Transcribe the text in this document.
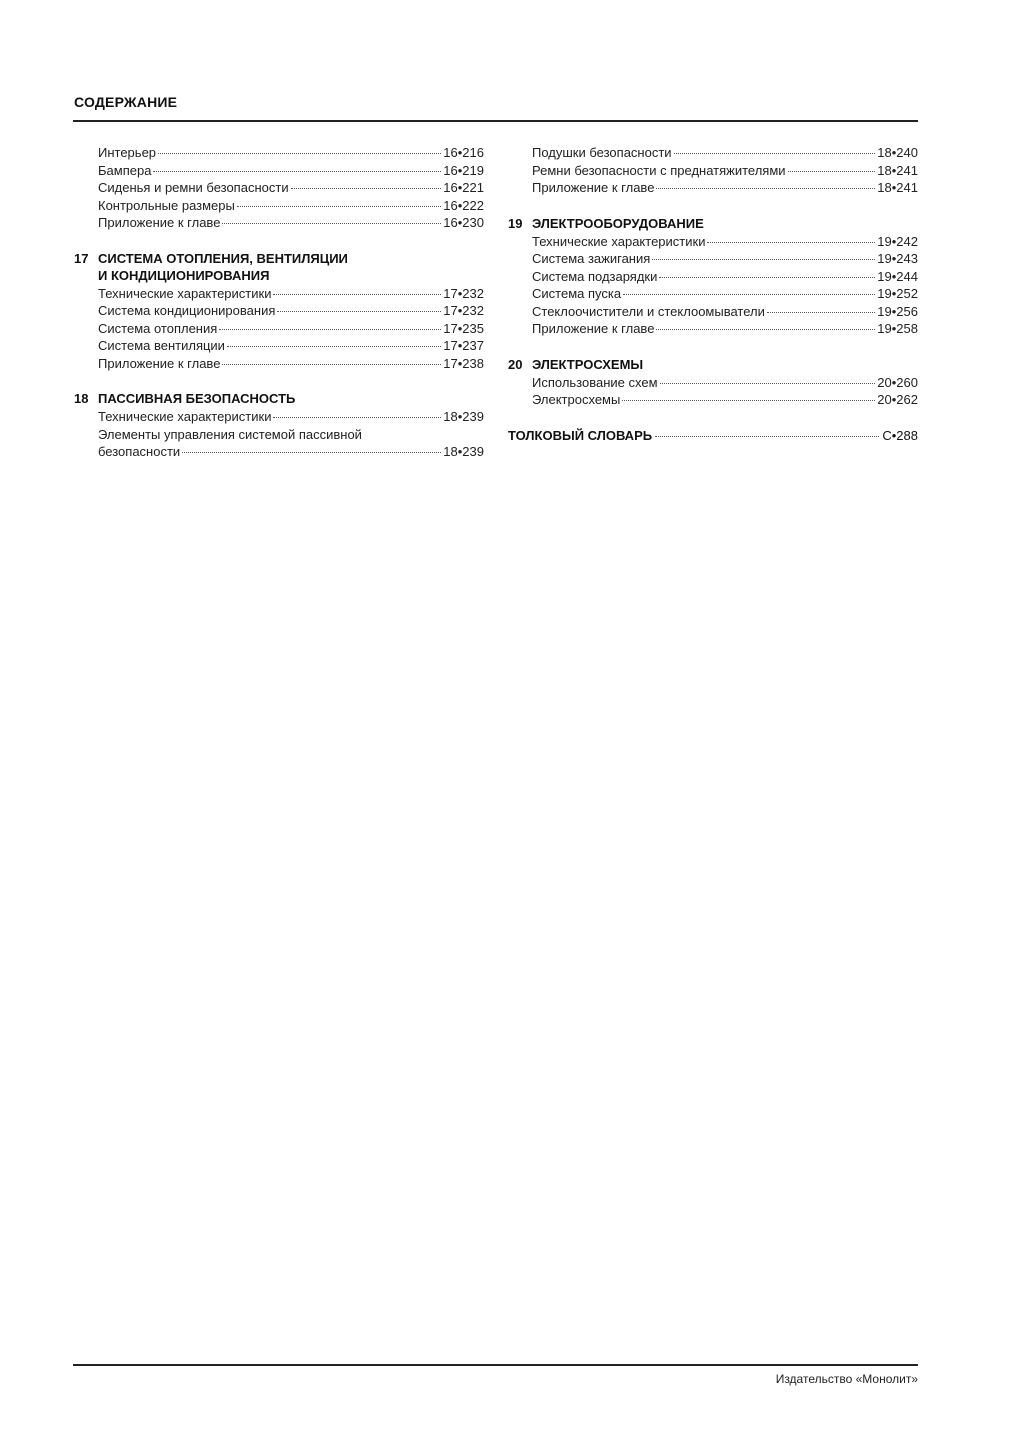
СОДЕРЖАНИЕ
Интерьер	16•216
Бампера	16•219
Сиденья и ремни безопасности	16•221
Контрольные размеры	16•222
Приложение к главе	16•230
17 СИСТЕМА ОТОПЛЕНИЯ, ВЕНТИЛЯЦИИ
И КОНДИЦИОНИРОВАНИЯ
Технические характеристики	17•232
Система кондиционирования	17•232
Система отопления	17•235
Система вентиляции	17•237
Приложение к главе	17•238
18 ПАССИВНАЯ БЕЗОПАСНОСТЬ
Технические характеристики	18•239
Элементы управления системой пассивной
безопасности	18•239
Подушки безопасности	18•240
Ремни безопасности с преднатяжителями	18•241
Приложение к главе	18•241
19 ЭЛЕКТРООБОРУДОВАНИЕ
Технические характеристики	19•242
Система зажигания	19•243
Система подзарядки	19•244
Система пуска	19•252
Стеклоочистители и стеклоомыватели	19•256
Приложение к главе	19•258
20 ЭЛЕКТРОСХЕМЫ
Использование схем	20•260
Электросхемы	20•262
ТОЛКОВЫЙ СЛОВАРЬ	С•288
Издательство «Монолит»
